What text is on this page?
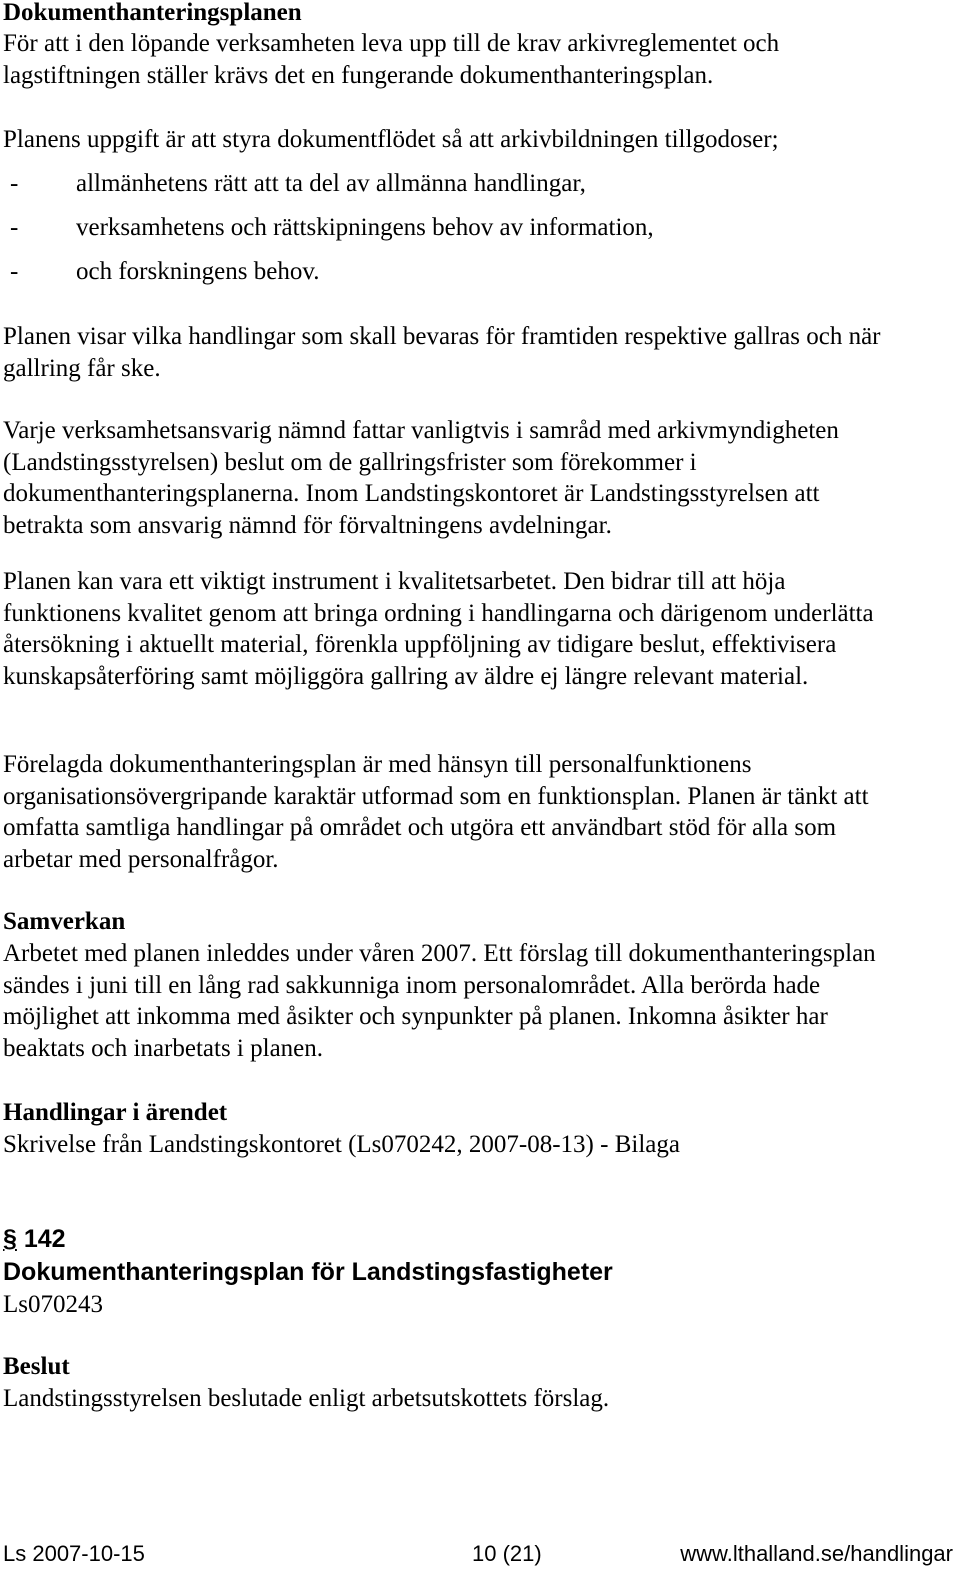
Dokumenthanteringsplanen

För att i den löpande verksamheten leva upp till de krav arkivreglementet och lagstiftningen ställer krävs det en fungerande dokumenthanteringsplan.

Planens uppgift är att styra dokumentflödet så att arkivbildningen tillgodoser;

- allmänhetens rätt att ta del av allmänna handlingar,
- verksamhetens och rättskipningens behov av information,
- och forskningens behov.

Planen visar vilka handlingar som skall bevaras för framtiden respektive gallras och när gallring får ske.

Varje verksamhetsansvarig nämnd fattar vanligtvis i samråd med arkivmyndigheten (Landstingsstyrelsen) beslut om de gallringsfrister som förekommer i dokumenthanteringsplanerna. Inom Landstingskontoret är Landstingsstyrelsen att betrakta som ansvarig nämnd för förvaltningens avdelningar.

Planen kan vara ett viktigt instrument i kvalitetsarbetet. Den bidrar till att höja funktionens kvalitet genom att bringa ordning i handlingarna och därigenom underlätta återsökning i aktuellt material, förenkla uppföljning av tidigare beslut, effektivisera kunskapsåterföring samt möjliggöra gallring av äldre ej längre relevant material.

Förelagda dokumenthanteringsplan är med hänsyn till personalfunktionens organisationsövergripande karaktär utformad som en funktionsplan. Planen är tänkt att omfatta samtliga handlingar på området och utgöra ett användbart stöd för alla som arbetar med personalfrågor.

Samverkan

Arbetet med planen inleddes under våren 2007. Ett förslag till dokumenthanteringsplan sändes i juni till en lång rad sakkunniga inom personalområdet. Alla berörda hade möjlighet att inkomma med åsikter och synpunkter på planen. Inkomna åsikter har beaktats och inarbetats i planen.

Handlingar i ärendet

Skrivelse från Landstingskontoret (Ls070242, 2007-08-13) - Bilaga

§ 142
Dokumenthanteringsplan för Landstingsfastigheter

Ls070243

Beslut

Landstingsstyrelsen beslutade enligt arbetsutskottets förslag.

Ls 2007-10-15	10 (21)	www.lthalland.se/handlingar
